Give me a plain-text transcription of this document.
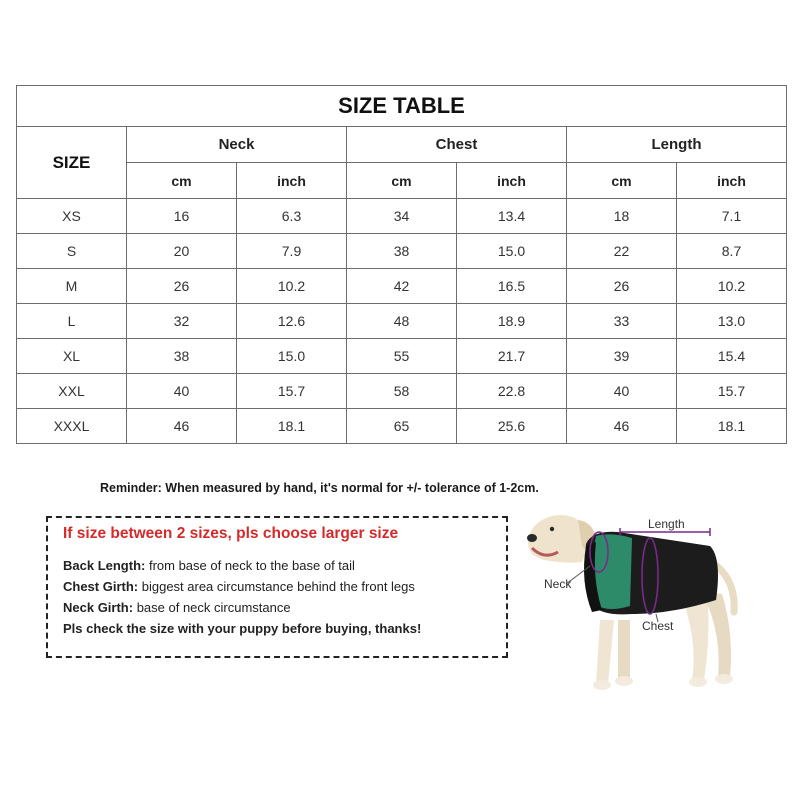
SIZE TABLE						
SIZE	Neck		Chest		Length	
	cm	inch	cm	inch	cm	inch
XS	16	6.3	34	13.4	18	7.1
S	20	7.9	38	15.0	22	8.7
M	26	10.2	42	16.5	26	10.2
L	32	12.6	48	18.9	33	13.0
XL	38	15.0	55	21.7	39	15.4
XXL	40	15.7	58	22.8	40	15.7
XXXL	46	18.1	65	25.6	46	18.1
Reminder: When measured by hand, it's normal for +/- tolerance of 1-2cm.
If size between 2 sizes, pls choose larger size
Back Length: from base of neck to the base of tail
Chest Girth: biggest area circumstance behind the front legs
Neck Girth: base of neck circumstance
Pls check the size with your puppy before buying, thanks!
Length
Neck
Chest
